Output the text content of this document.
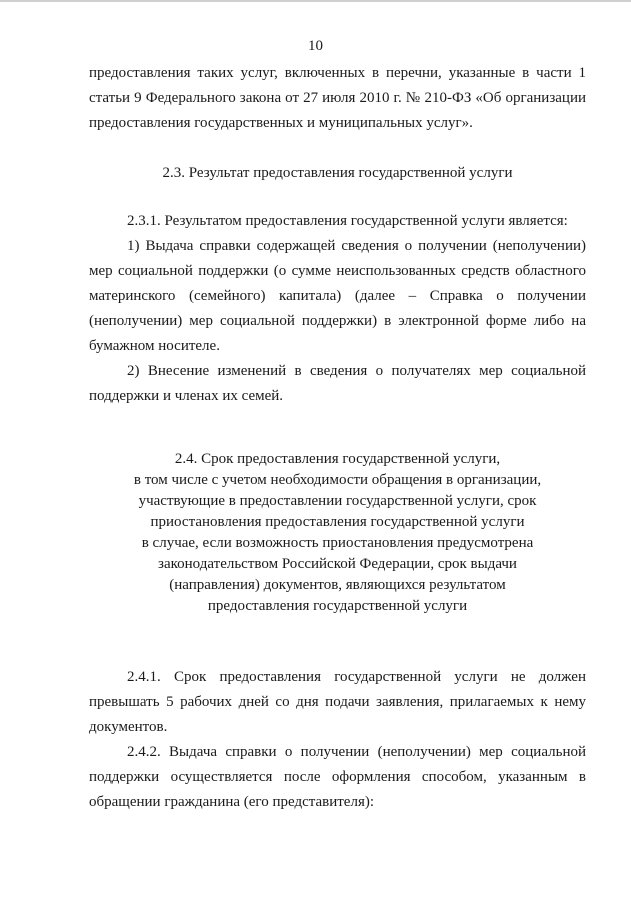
10

предоставления таких услуг, включенных в перечни, указанные в части 1 статьи 9 Федерального закона от 27 июля 2010 г. № 210-ФЗ «Об организации предоставления государственных и муниципальных услуг».

2.3. Результат предоставления государственной услуги

2.3.1. Результатом предоставления государственной услуги является:

1) Выдача справки содержащей сведения о получении (неполучении) мер социальной поддержки (о сумме неиспользованных средств областного материнского (семейного) капитала) (далее – Справка о получении (неполучении) мер социальной поддержки) в электронной форме либо на бумажном носителе.

2) Внесение изменений в сведения о получателях мер социальной поддержки и членах их семей.

2.4. Срок предоставления государственной услуги,
в том числе с учетом необходимости обращения в организации,
участвующие в предоставлении государственной услуги, срок
приостановления предоставления государственной услуги
в случае, если возможность приостановления предусмотрена
законодательством Российской Федерации, срок выдачи
(направления) документов, являющихся результатом
предоставления государственной услуги

2.4.1. Срок предоставления государственной услуги не должен превышать 5 рабочих дней со дня подачи заявления, прилагаемых к нему документов.

2.4.2. Выдача справки о получении (неполучении) мер социальной поддержки осуществляется после оформления способом, указанным в обращении гражданина (его представителя):
